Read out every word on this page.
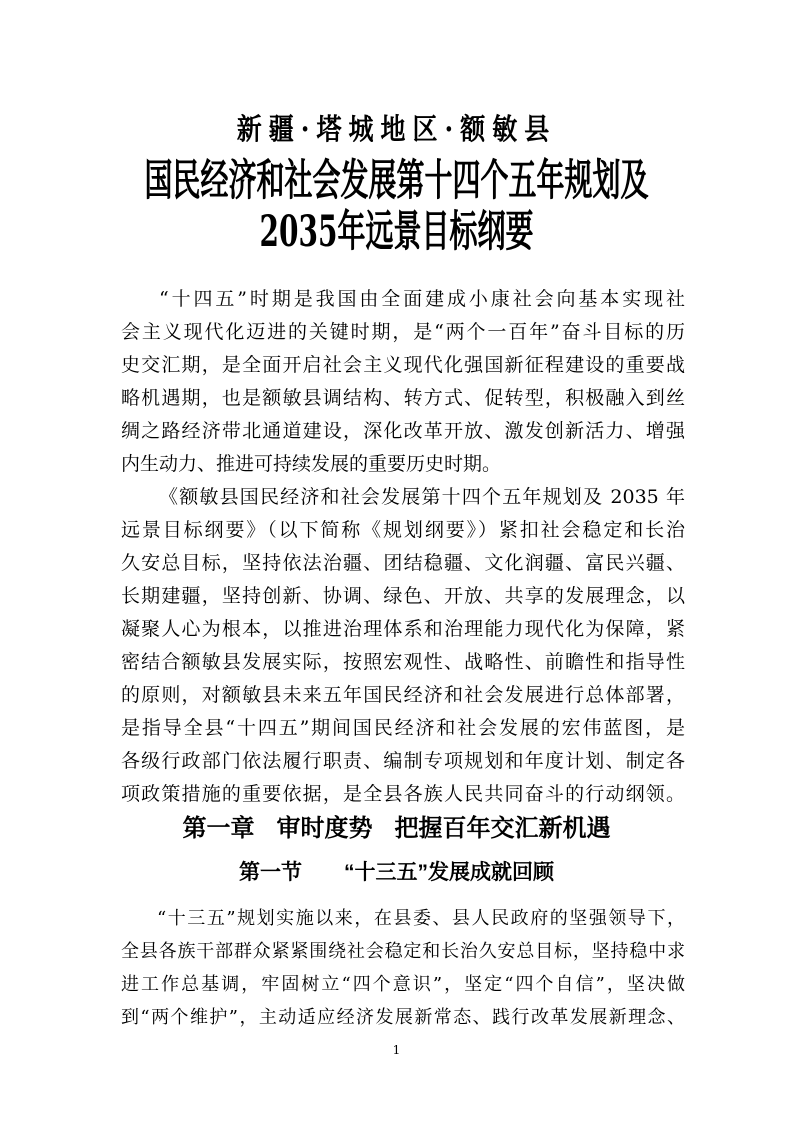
新疆·塔城地区·额敏县
国民经济和社会发展第十四个五年规划及
2035年远景目标纲要
“十四五”时期是我国由全面建成小康社会向基本实现社
会主义现代化迈进的关键时期，是“两个一百年”奋斗目标的历
史交汇期，是全面开启社会主义现代化强国新征程建设的重要战
略机遇期，也是额敏县调结构、转方式、促转型，积极融入到丝
绸之路经济带北通道建设，深化改革开放、激发创新活力、增强
内生动力、推进可持续发展的重要历史时期。
《额敏县国民经济和社会发展第十四个五年规划及 2035 年
远景目标纲要》（以下简称《规划纲要》）紧扣社会稳定和长治
久安总目标，坚持依法治疆、团结稳疆、文化润疆、富民兴疆、
长期建疆，坚持创新、协调、绿色、开放、共享的发展理念，以
凝聚人心为根本，以推进治理体系和治理能力现代化为保障，紧
密结合额敏县发展实际，按照宏观性、战略性、前瞻性和指导性
的原则，对额敏县未来五年国民经济和社会发展进行总体部署，
是指导全县“十四五”期间国民经济和社会发展的宏伟蓝图，是
各级行政部门依法履行职责、编制专项规划和年度计划、制定各
项政策措施的重要依据，是全县各族人民共同奋斗的行动纲领。
第一章 审时度势 把握百年交汇新机遇
第一节 “十三五”发展成就回顾
“十三五”规划实施以来，在县委、县人民政府的坚强领导下，
全县各族干部群众紧紧围绕社会稳定和长治久安总目标，坚持稳中求
进工作总基调，牢固树立“四个意识”，坚定“四个自信”，坚决做
到“两个维护”，主动适应经济发展新常态、践行改革发展新理念、
1
